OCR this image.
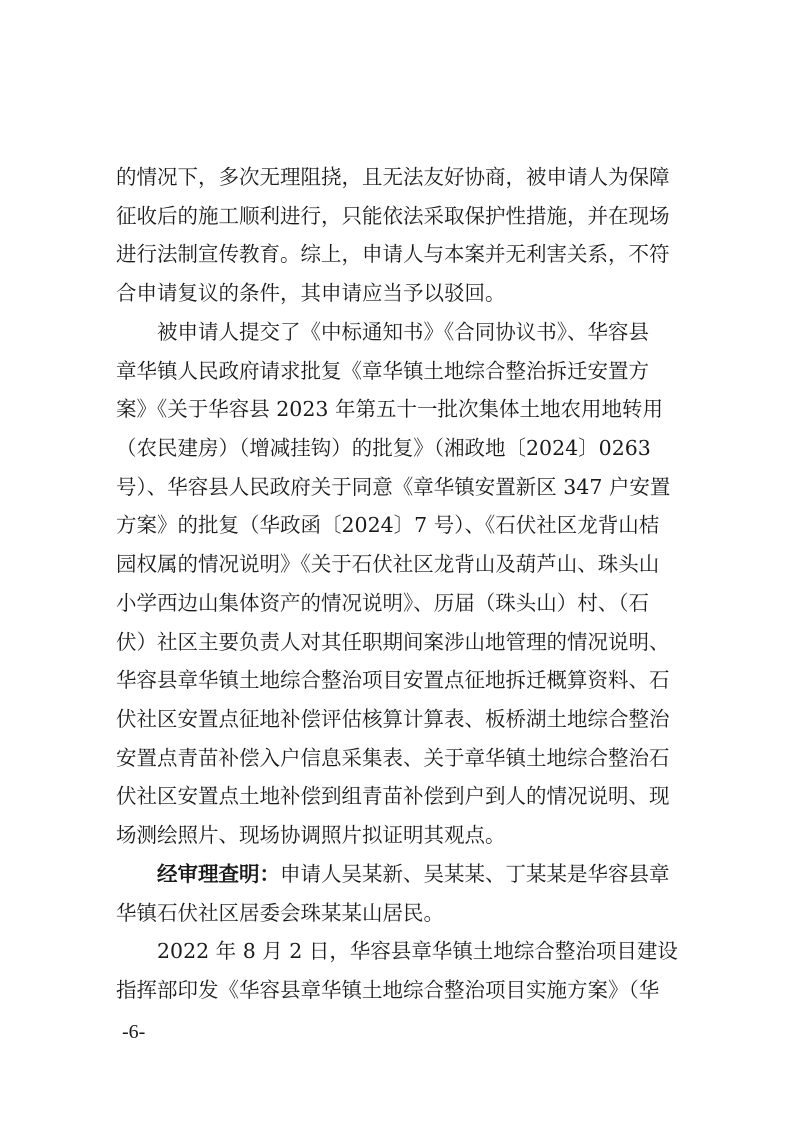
的情况下，多次无理阻挠，且无法友好协商，被申请人为保障
征收后的施工顺利进行，只能依法采取保护性措施，并在现场
进行法制宣传教育。综上，申请人与本案并无利害关系，不符
合申请复议的条件，其申请应当予以驳回。
被申请人提交了《中标通知书》《合同协议书》、华容县
章华镇人民政府请求批复《章华镇土地综合整治拆迁安置方
案》《关于华容县 2023 年第五十一批次集体土地农用地转用
（农民建房）（增减挂钩）的批复》（湘政地〔2024〕0263
号）、华容县人民政府关于同意《章华镇安置新区 347 户安置
方案》的批复（华政函〔2024〕7 号）、《石伏社区龙背山桔
园权属的情况说明》《关于石伏社区龙背山及葫芦山、珠头山
小学西边山集体资产的情况说明》、历届（珠头山）村、（石
伏）社区主要负责人对其任职期间案涉山地管理的情况说明、
华容县章华镇土地综合整治项目安置点征地拆迁概算资料、石
伏社区安置点征地补偿评估核算计算表、板桥湖土地综合整治
安置点青苗补偿入户信息采集表、关于章华镇土地综合整治石
伏社区安置点土地补偿到组青苗补偿到户到人的情况说明、现
场测绘照片、现场协调照片拟证明其观点。
经审理查明：申请人吴某新、吴某某、丁某某是华容县章
华镇石伏社区居委会珠某某山居民。
2022 年 8 月 2 日，华容县章华镇土地综合整治项目建设
指挥部印发《华容县章华镇土地综合整治项目实施方案》（华
-6-
